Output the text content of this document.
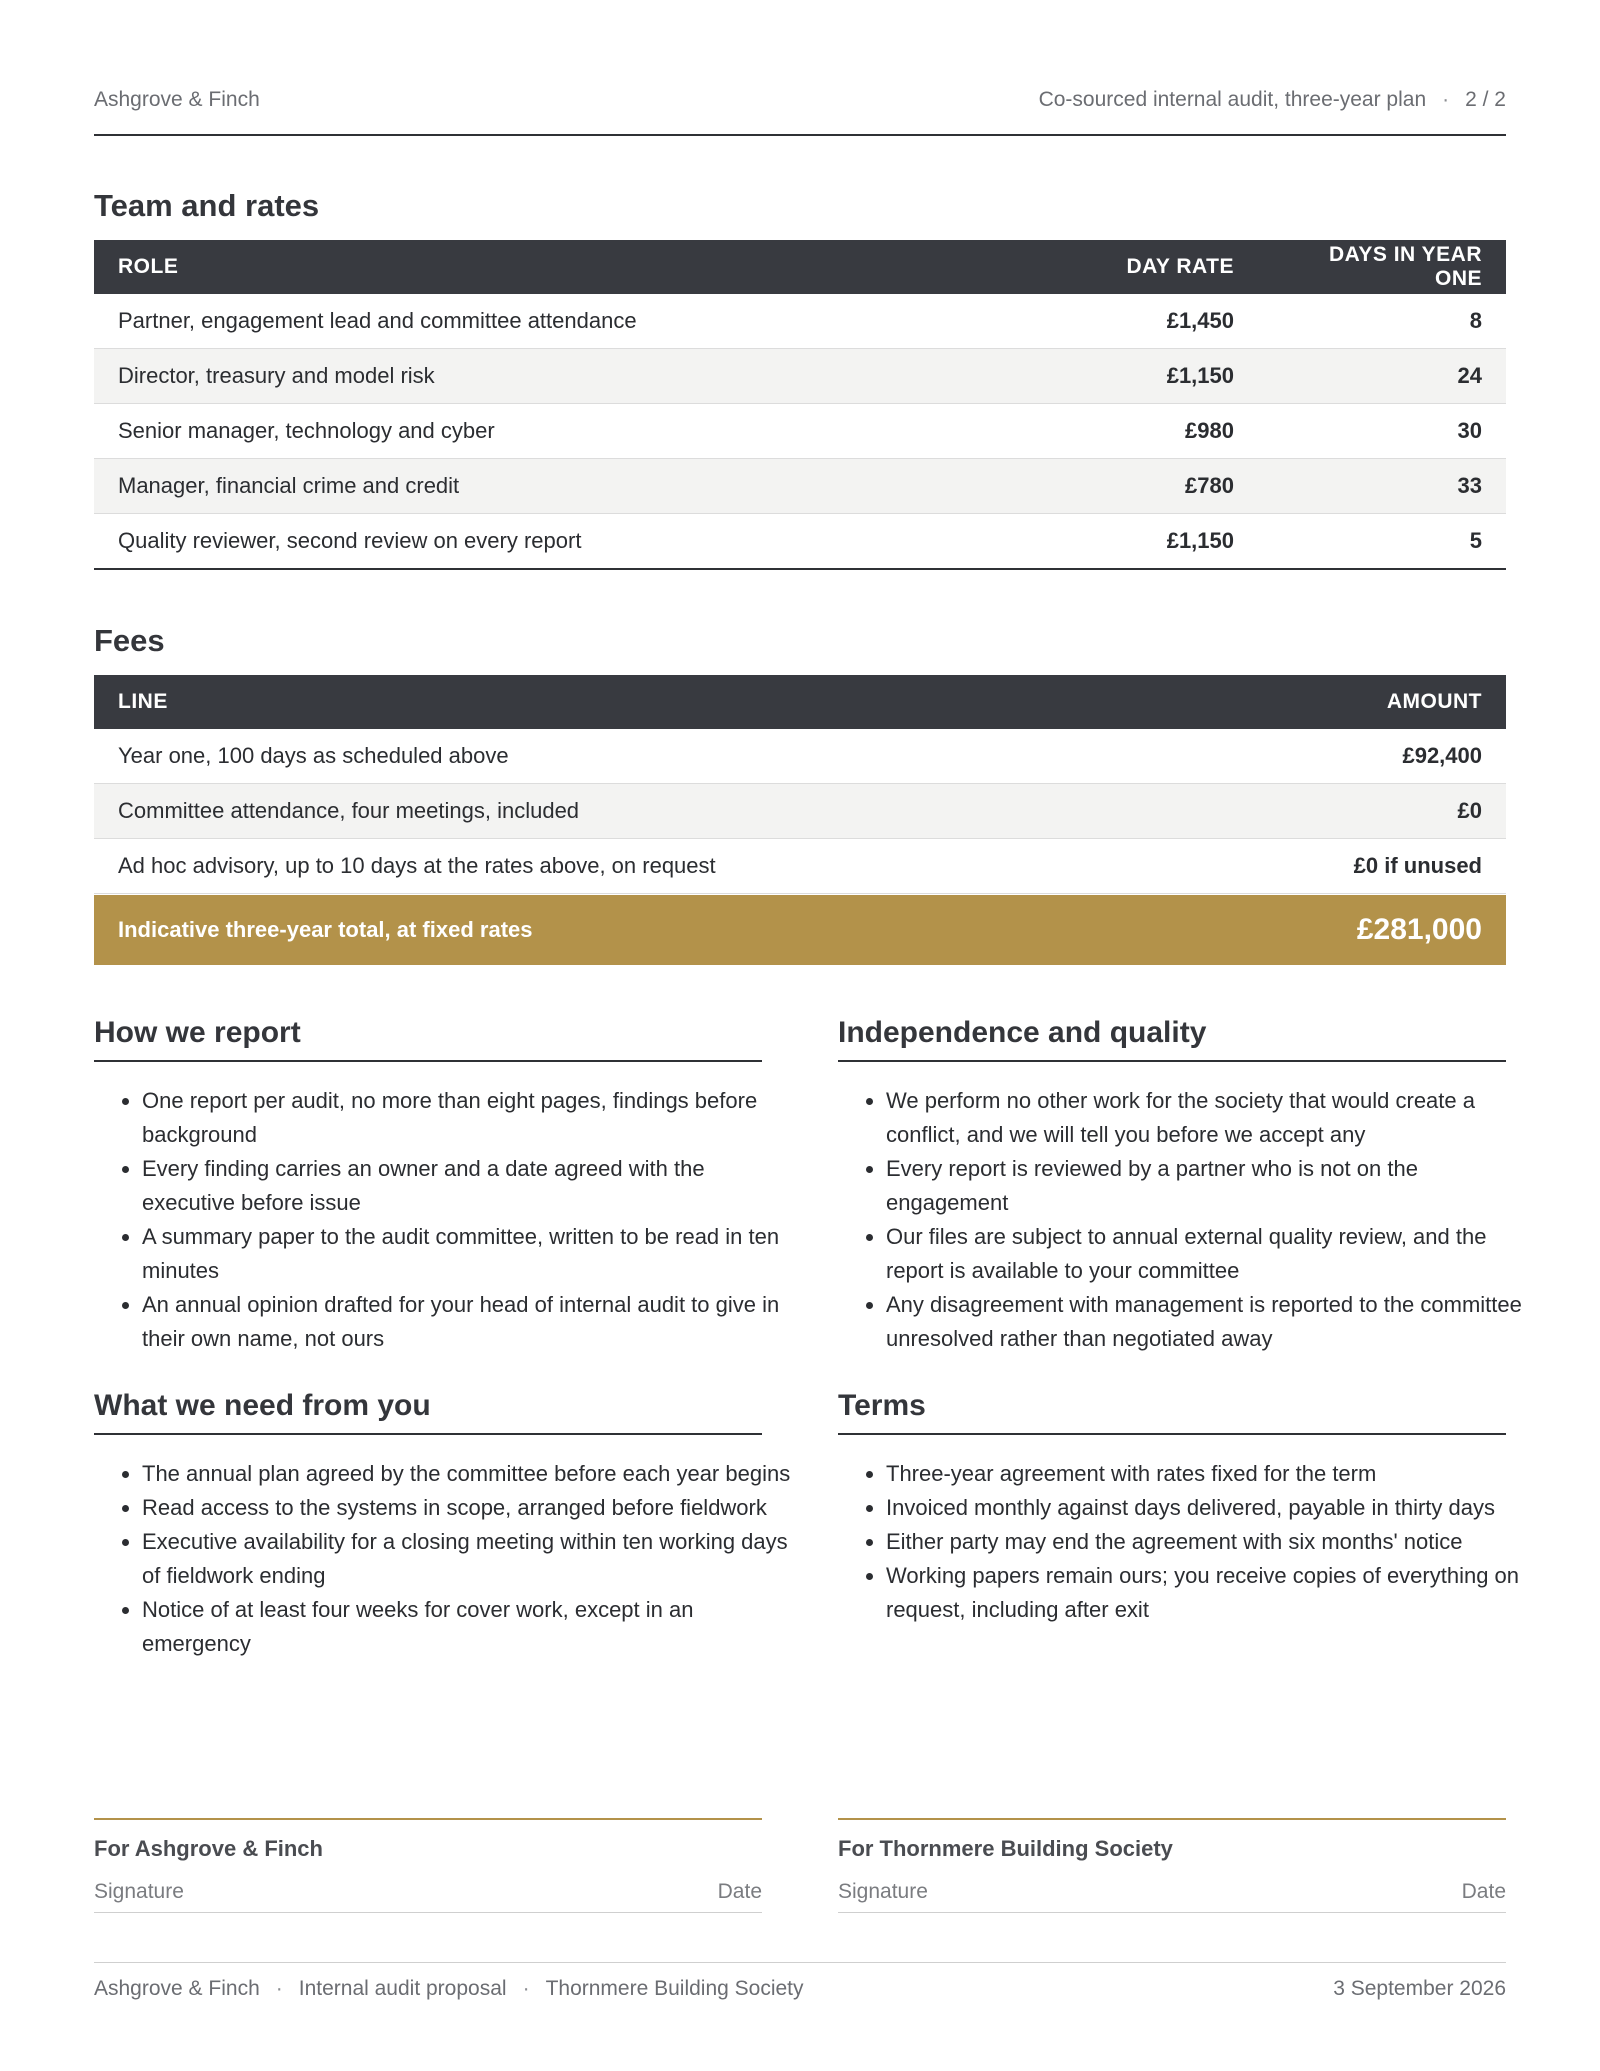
Ashgrove & Finch	Co-sourced internal audit, three-year plan · 2 / 2
Team and rates
ROLE	DAY RATE	DAYS IN YEAR ONE
Partner, engagement lead and committee attendance	£1,450	8
Director, treasury and model risk	£1,150	24
Senior manager, technology and cyber	£980	30
Manager, financial crime and credit	£780	33
Quality reviewer, second review on every report	£1,150	5
Fees
LINE	AMOUNT
Year one, 100 days as scheduled above	£92,400
Committee attendance, four meetings, included	£0
Ad hoc advisory, up to 10 days at the rates above, on request	£0 if unused
Indicative three-year total, at fixed rates	£281,000
How we report
• One report per audit, no more than eight pages, findings before background
• Every finding carries an owner and a date agreed with the executive before issue
• A summary paper to the audit committee, written to be read in ten minutes
• An annual opinion drafted for your head of internal audit to give in their own name, not ours
Independence and quality
• We perform no other work for the society that would create a conflict, and we will tell you before we accept any
• Every report is reviewed by a partner who is not on the engagement
• Our files are subject to annual external quality review, and the report is available to your committee
• Any disagreement with management is reported to the committee unresolved rather than negotiated away
What we need from you
• The annual plan agreed by the committee before each year begins
• Read access to the systems in scope, arranged before fieldwork
• Executive availability for a closing meeting within ten working days of fieldwork ending
• Notice of at least four weeks for cover work, except in an emergency
Terms
• Three-year agreement with rates fixed for the term
• Invoiced monthly against days delivered, payable in thirty days
• Either party may end the agreement with six months' notice
• Working papers remain ours; you receive copies of everything on request, including after exit
For Ashgrove & Finch
Signature	Date
For Thornmere Building Society
Signature	Date
Ashgrove & Finch · Internal audit proposal · Thornmere Building Society	3 September 2026
